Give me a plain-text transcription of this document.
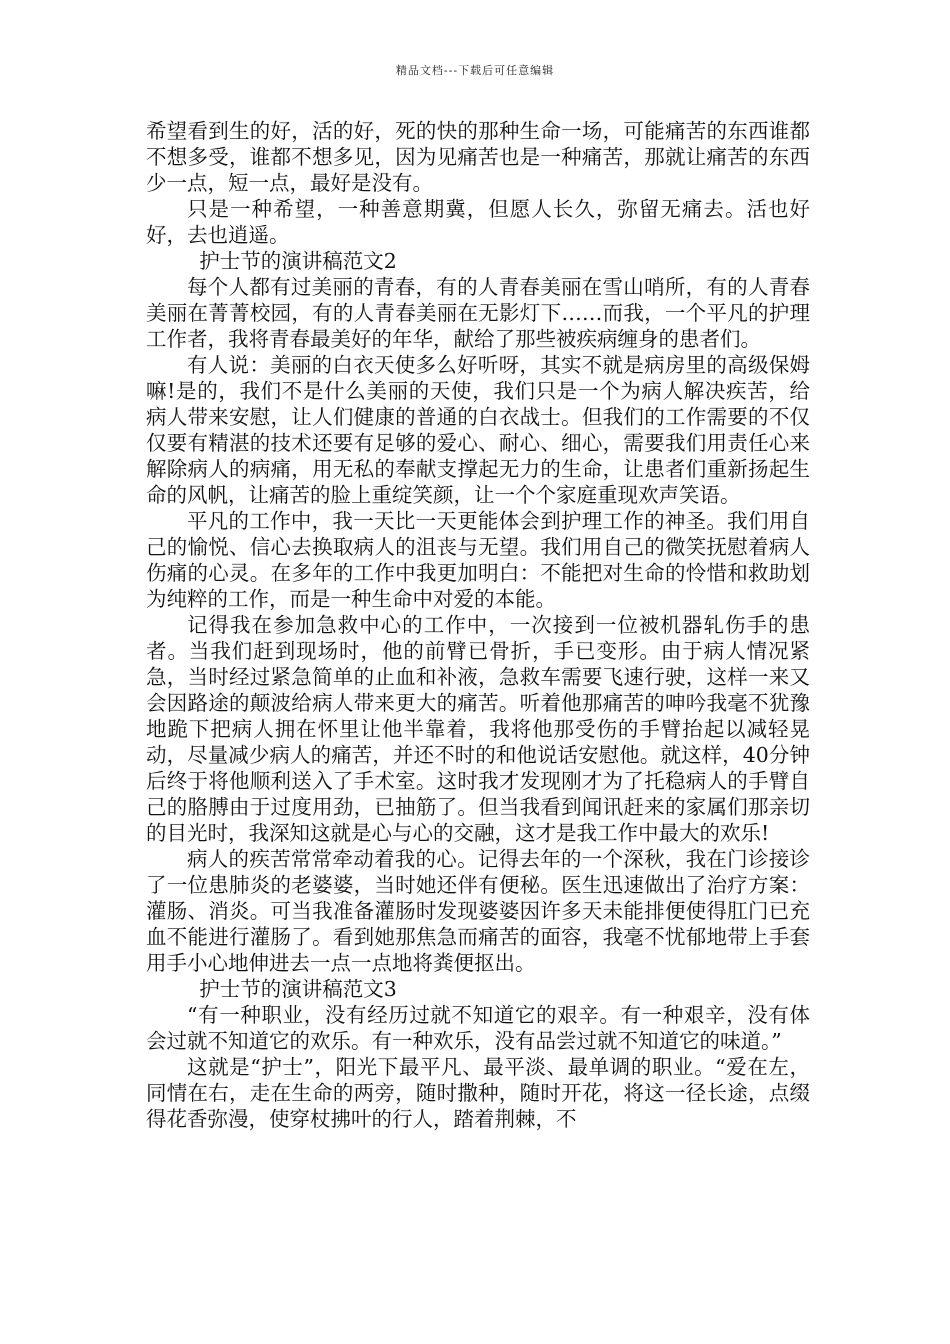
精品文档---下载后可任意编辑

希望看到生的好，活的好，死的快的那种生命一场，可能痛苦的东西谁都不想多受，谁都不想多见，因为见痛苦也是一种痛苦，那就让痛苦的东西少一点，短一点，最好是没有。

只是一种希望，一种善意期冀，但愿人长久，弥留无痛去。活也好好，去也逍遥。

护士节的演讲稿范文2

每个人都有过美丽的青春，有的人青春美丽在雪山哨所，有的人青春美丽在菁菁校园，有的人青春美丽在无影灯下……而我，一个平凡的护理工作者，我将青春最美好的年华，献给了那些被疾病缠身的患者们。

有人说：美丽的白衣天使多么好听呀，其实不就是病房里的高级保姆嘛!是的，我们不是什么美丽的天使，我们只是一个为病人解决疾苦，给病人带来安慰，让人们健康的普通的白衣战士。但我们的工作需要的不仅仅要有精湛的技术还要有足够的爱心、耐心、细心，需要我们用责任心来解除病人的病痛，用无私的奉献支撑起无力的生命，让患者们重新扬起生命的风帆，让痛苦的脸上重绽笑颜，让一个个家庭重现欢声笑语。

平凡的工作中，我一天比一天更能体会到护理工作的神圣。我们用自己的愉悦、信心去换取病人的沮丧与无望。我们用自己的微笑抚慰着病人伤痛的心灵。在多年的工作中我更加明白：不能把对生命的怜惜和救助划为纯粹的工作，而是一种生命中对爱的本能。

记得我在参加急救中心的工作中，一次接到一位被机器轧伤手的患者。当我们赶到现场时，他的前臂已骨折，手已变形。由于病人情况紧急，当时经过紧急简单的止血和补液，急救车需要飞速行驶，这样一来又会因路途的颠波给病人带来更大的痛苦。听着他那痛苦的呻吟我毫不犹豫地跪下把病人拥在怀里让他半靠着，我将他那受伤的手臂抬起以减轻晃动，尽量减少病人的痛苦，并还不时的和他说话安慰他。就这样，40分钟后终于将他顺利送入了手术室。这时我才发现刚才为了托稳病人的手臂自己的胳膊由于过度用劲，已抽筋了。但当我看到闻讯赶来的家属们那亲切的目光时，我深知这就是心与心的交融，这才是我工作中最大的欢乐!

病人的疾苦常常牵动着我的心。记得去年的一个深秋，我在门诊接诊了一位患肺炎的老婆婆，当时她还伴有便秘。医生迅速做出了治疗方案：灌肠、消炎。可当我准备灌肠时发现婆婆因许多天未能排便使得肛门已充血不能进行灌肠了。看到她那焦急而痛苦的面容，我毫不忧郁地带上手套用手小心地伸进去一点一点地将粪便抠出。

护士节的演讲稿范文3

“有一种职业，没有经历过就不知道它的艰辛。有一种艰辛，没有体会过就不知道它的欢乐。有一种欢乐，没有品尝过就不知道它的味道。”

这就是“护士”，阳光下最平凡、最平淡、最单调的职业。“爱在左，同情在右，走在生命的两旁，随时撒种，随时开花，将这一径长途，点缀得花香弥漫，使穿杖拂叶的行人，踏着荆棘，不
